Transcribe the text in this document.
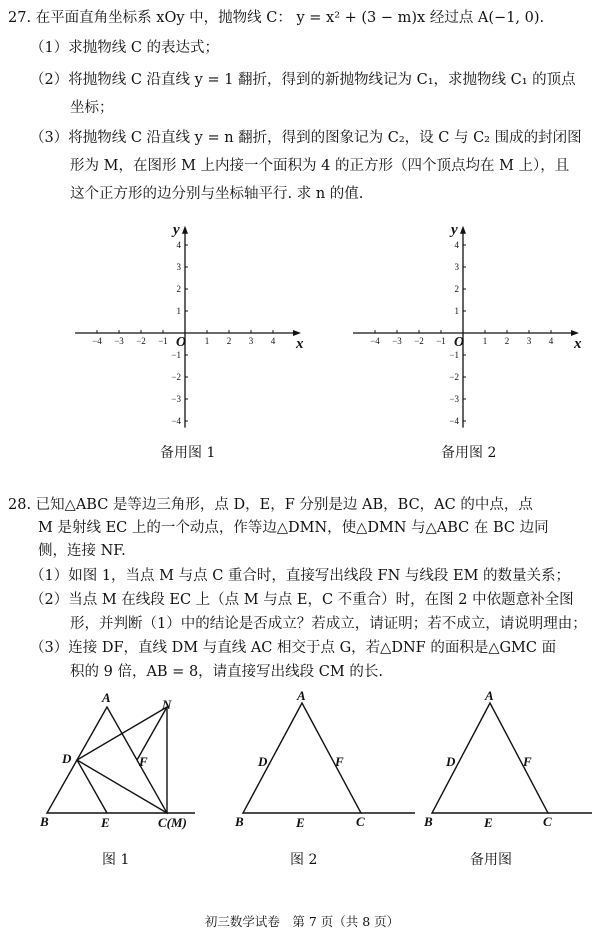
27. 在平面直角坐标系 xOy 中，抛物线 C： y = x² + (3 − m)x 经过点 A(−1, 0).
（1）求抛物线 C 的表达式；
（2）将抛物线 C 沿直线 y = 1 翻折，得到的新抛物线记为 C₁，求抛物线 C₁ 的顶点
坐标；
（3）将抛物线 C 沿直线 y = n 翻折，得到的图象记为 C₂，设 C 与 C₂ 围成的封闭图
形为 M，在图形 M 上内接一个面积为 4 的正方形（四个顶点均在 M 上），且
这个正方形的边分别与坐标轴平行. 求 n 的值.
−4 −3 −2 −1	1 2 3 4
4
3
2
1
−1
−2
−3
−4
O	x
y
−4 −3 −2 −1	1 2 3 4
4
3
2
1
−1
−2
−3
−4
O	x
y
备用图 1	备用图 2
28. 已知△ABC 是等边三角形，点 D，E，F 分别是边 AB，BC，AC 的中点，点
M 是射线 EC 上的一个动点，作等边△DMN，使△DMN 与△ABC 在 BC 边同
侧，连接 NF.
（1）如图 1，当点 M 与点 C 重合时，直接写出线段 FN 与线段 EM 的数量关系；
（2）当点 M 在线段 EC 上（点 M 与点 E，C 不重合）时，在图 2 中依题意补全图
形，并判断（1）中的结论是否成立？若成立，请证明；若不成立，请说明理由；
（3）连接 DF，直线 DM 与直线 AC 相交于点 G，若△DNF 的面积是△GMC 面
积的 9 倍，AB = 8，请直接写出线段 CM 的长.
A	N
D	F
B	E	C(M)
A
D	F
B	E	C
A
D	F
B	E	C
图 1	图 2	备用图
初三数学试卷　第 7 页（共 8 页）
